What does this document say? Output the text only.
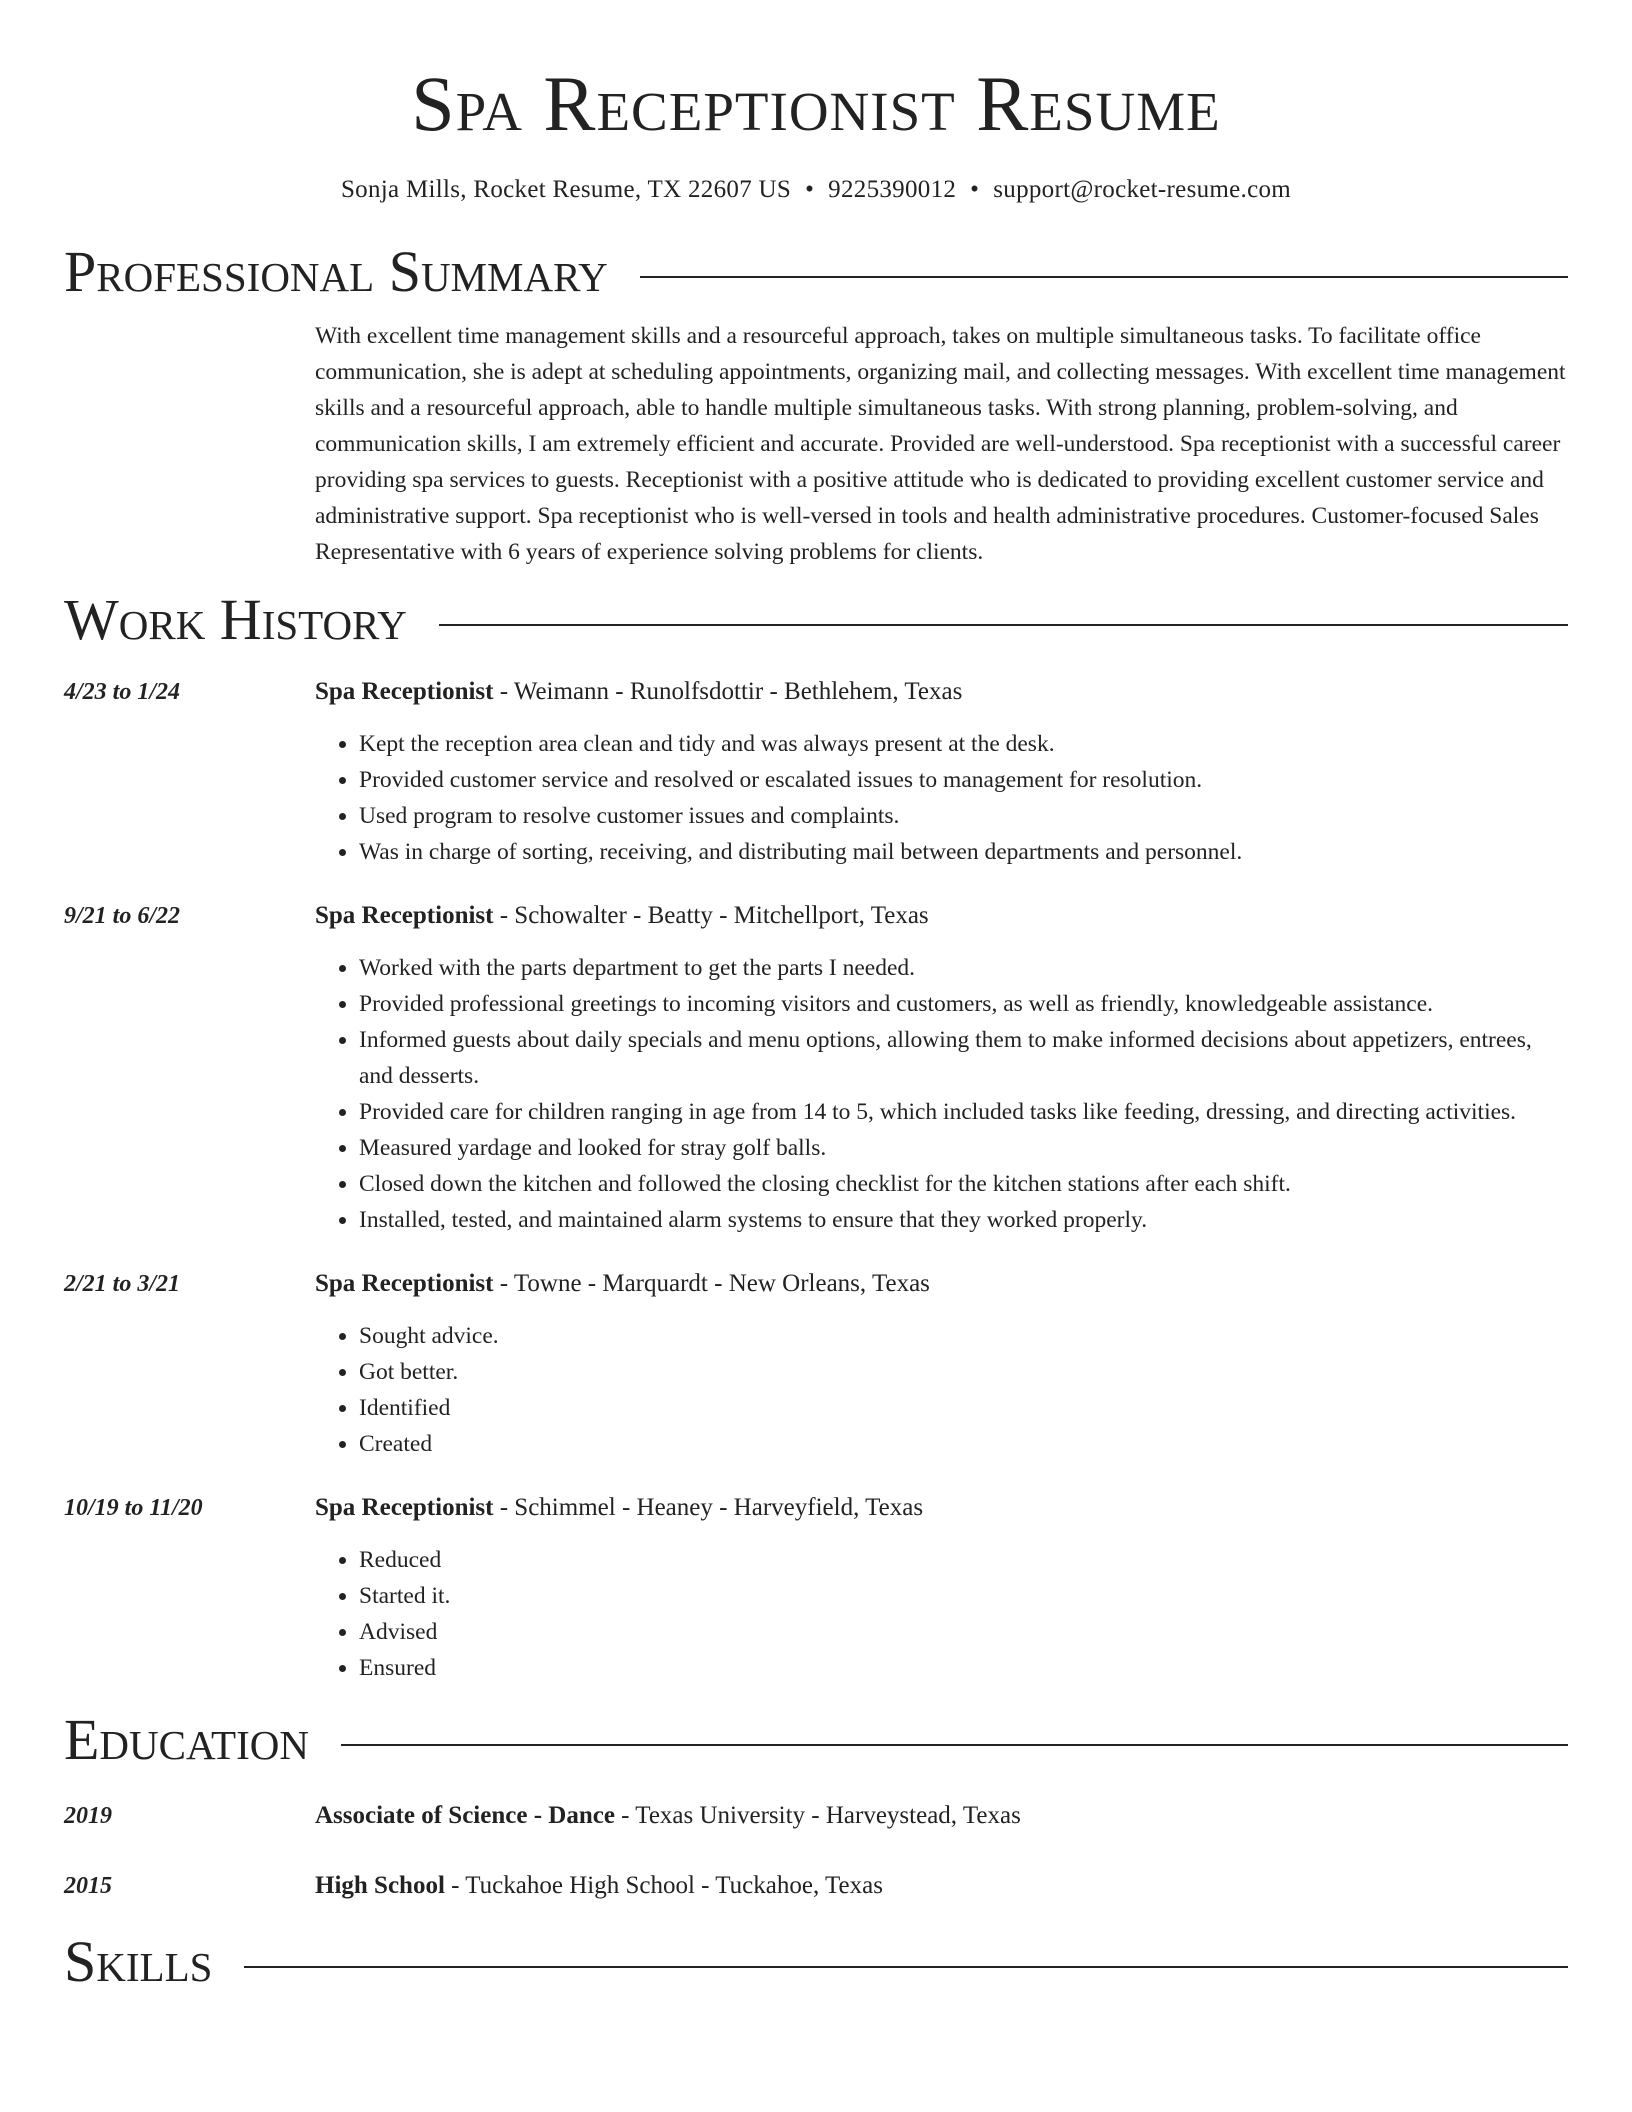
Spa Receptionist Resume
Sonja Mills, Rocket Resume, TX 22607 US • 9225390012 • support@rocket-resume.com
Professional Summary
With excellent time management skills and a resourceful approach, takes on multiple simultaneous tasks. To facilitate office communication, she is adept at scheduling appointments, organizing mail, and collecting messages. With excellent time management skills and a resourceful approach, able to handle multiple simultaneous tasks. With strong planning, problem-solving, and communication skills, I am extremely efficient and accurate. Provided are well-understood. Spa receptionist with a successful career providing spa services to guests. Receptionist with a positive attitude who is dedicated to providing excellent customer service and administrative support. Spa receptionist who is well-versed in tools and health administrative procedures. Customer-focused Sales Representative with 6 years of experience solving problems for clients.
Work History
4/23 to 1/24	Spa Receptionist - Weimann - Runolfsdottir - Bethlehem, Texas
• Kept the reception area clean and tidy and was always present at the desk.
• Provided customer service and resolved or escalated issues to management for resolution.
• Used program to resolve customer issues and complaints.
• Was in charge of sorting, receiving, and distributing mail between departments and personnel.
9/21 to 6/22	Spa Receptionist - Schowalter - Beatty - Mitchellport, Texas
• Worked with the parts department to get the parts I needed.
• Provided professional greetings to incoming visitors and customers, as well as friendly, knowledgeable assistance.
• Informed guests about daily specials and menu options, allowing them to make informed decisions about appetizers, entrees, and desserts.
• Provided care for children ranging in age from 14 to 5, which included tasks like feeding, dressing, and directing activities.
• Measured yardage and looked for stray golf balls.
• Closed down the kitchen and followed the closing checklist for the kitchen stations after each shift.
• Installed, tested, and maintained alarm systems to ensure that they worked properly.
2/21 to 3/21	Spa Receptionist - Towne - Marquardt - New Orleans, Texas
• Sought advice.
• Got better.
• Identified
• Created
10/19 to 11/20	Spa Receptionist - Schimmel - Heaney - Harveyfield, Texas
• Reduced
• Started it.
• Advised
• Ensured
Education
2019	Associate of Science - Dance - Texas University - Harveystead, Texas
2015	High School - Tuckahoe High School - Tuckahoe, Texas
Skills
